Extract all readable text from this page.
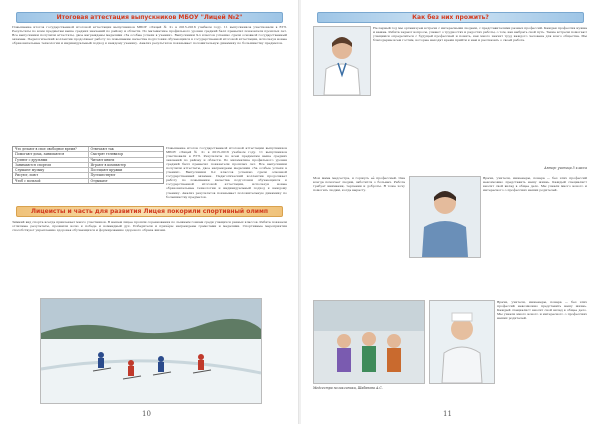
Итоговая аттестация выпускников МБОУ "Лицей №2"
Повышение итогов государственной итоговой аттестации выпускников МБОУ «Лицей № 2» в 2015-2016 учебном году. 11 выпускников участвовали в ЕГЭ. Результаты по всем предметам выше средних значений по району и области. По математике профильного уровня средний балл превысил показатели прошлых лет. Все выпускники получили аттестаты, двое награждены медалями «За особые успехи в учении». Выпускники 9-х классов успешно сдали основной государственный экзамен. Педагогический коллектив продолжает работу по повышению качества подготовки обучающихся к государственной итоговой аттестации, используя новые образовательные технологии и индивидуальный подход к каждому ученику. Анализ результатов показывает положительную динамику по большинству предметов.
Что делают в свое свободное время?	Отвечают так
Помогают дома, занимаются	Смотрят телевизор
Гуляют с друзьями	Читают книги
Занимаются спортом	Играют в компьютер
Слушают музыку	Посещают кружки
Рисуют, поют	Путешествуют
Чтоб с пользой	Отдыхают
Повышение итогов государственной итоговой аттестации выпускников МБОУ «Лицей № 2» в 2015-2016 учебном году. 11 выпускников участвовали в ЕГЭ. Результаты по всем предметам выше средних значений по району и области. По математике профильного уровня средний балл превысил показатели прошлых лет. Все выпускники получили аттестаты, двое награждены медалями «За особые успехи в учении». Выпускники 9-х классов успешно сдали основной государственный экзамен. Педагогический коллектив продолжает работу по повышению качества подготовки обучающихся к государственной итоговой аттестации, используя новые образовательные технологии и индивидуальный подход к каждому ученику. Анализ результатов показывает положительную динамику по большинству предметов.
Лицеисты и часть для развития Лицея покорили спортивный олимп
Зимний вид спорта всегда привлекает много участников. В нашем лицее прошли соревнования по лыжным гонкам среди учащихся разных классов. Ребята показали отличные результаты, проявили волю к победе и командный дух. Победители и призёры награждены грамотами и медалями. Спортивные мероприятия способствуют укреплению здоровья обучающихся и формированию здорового образа жизни.
10
Как без них прожить?
Не первый год мы организуем встречи с интересными людьми, с представителями разных профессий. Каждая профессия нужна и важна. Ребята задают вопросы, узнают о трудностях и радостях работы, о том, как выбрать свой путь. Такие встречи помогают учащимся определиться с будущей профессией и понять, как много значит труд каждого человека для всего общества. Мы благодарны всем гостям, которые находят время прийти к нам и рассказать о своей работе.
Автор: ученица 5 класса
Мои мама медсестра, я горжусь её профессией. Она всегда помогает людям, заботится о больных. Работа требует внимания, терпения и доброты. Я тоже хочу помогать людям, когда вырасту.
Врачи, учителя, инженеры, повара — без этих профессий невозможно представить нашу жизнь. Каждый специалист вносит свой вклад в общее дело. Мы узнали много нового и интересного о профессиях наших родителей.
Врачи, учителя, инженеры, повара — без этих профессий невозможно представить нашу жизнь. Каждый специалист вносит свой вклад в общее дело. Мы узнали много нового и интересного о профессиях наших родителей.
Медсестра поликлиники, Шабанова А.С.
11
